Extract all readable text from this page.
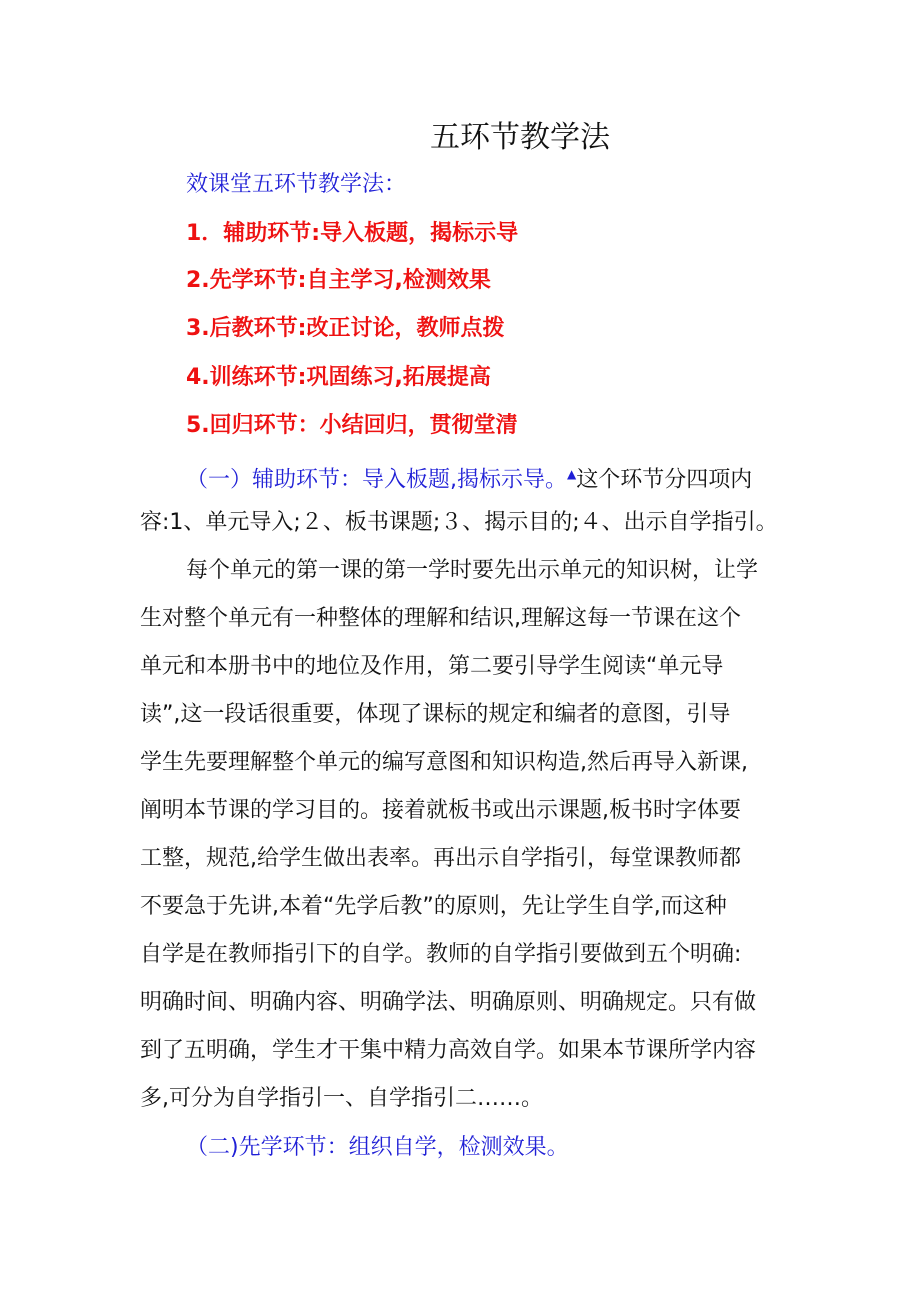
五环节教学法
效课堂五环节教学法：
1．辅助环节:导入板题，揭标示导
2.先学环节:自主学习,检测效果
3.后教环节:改正讨论，教师点拨
4.训练环节:巩固练习,拓展提高
5.回归环节：小结回归，贯彻堂清
（一）辅助环节：导入板题,揭标示导。▲这个环节分四项内
容:1、单元导入;２、板书课题;３、揭示目的;４、出示自学指引。
每个单元的第一课的第一学时要先出示单元的知识树，让学
生对整个单元有一种整体的理解和结识,理解这每一节课在这个
单元和本册书中的地位及作用，第二要引导学生阅读“单元导
读”,这一段话很重要，体现了课标的规定和编者的意图，引导
学生先要理解整个单元的编写意图和知识构造,然后再导入新课,
阐明本节课的学习目的。接着就板书或出示课题,板书时字体要
工整，规范,给学生做出表率。再出示自学指引，每堂课教师都
不要急于先讲,本着“先学后教”的原则，先让学生自学,而这种
自学是在教师指引下的自学。教师的自学指引要做到五个明确:
明确时间、明确内容、明确学法、明确原则、明确规定。只有做
到了五明确，学生才干集中精力高效自学。如果本节课所学内容
多,可分为自学指引一、自学指引二……。
（二)先学环节：组织自学，检测效果。
